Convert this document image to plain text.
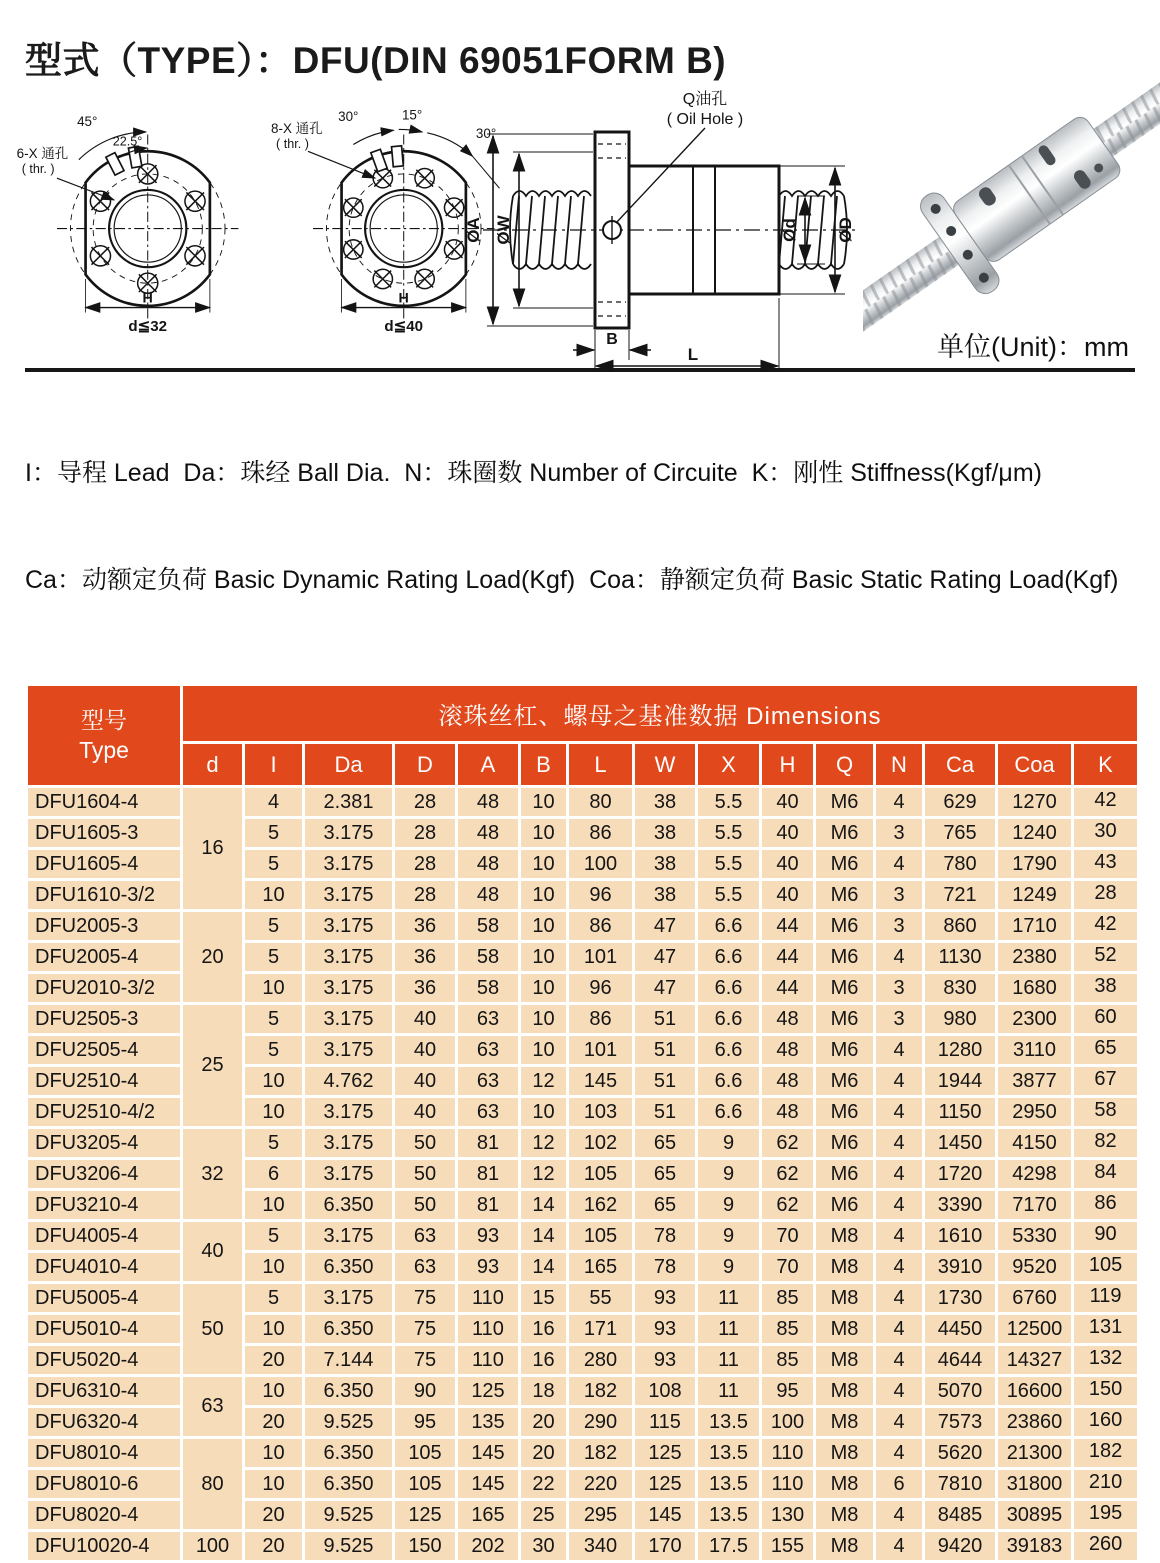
型式（TYPE）：DFU(DIN 69051FORM B)
45°
22.5°
6-X 通孔
( thr. )
H
d≦32
30°	15°
30°
8-X 通孔
( thr. )
H
d≦40
Q油孔
( Oil Hole )
ØA ØW	Ød ØD
B
L	单位(Unit)：mm

I：导程 Lead  Da：珠经 Ball Dia.  N：珠圈数 Number of Circuite  K：刚性 Stiffness(Kgf/μm)

Ca：动额定负荷 Basic Dynamic Rating Load(Kgf)  Coa：静额定负荷 Basic Static Rating Load(Kgf)

型号
Type	滚珠丝杠、螺母之基准数据 Dimensions														
	d	I	Da	D	A	B	L	W	X	H	Q	N	Ca	Coa	K
DFU1604-4	16	4	2.381	28	48	10	80	38	5.5	40	M6	4	629	1270	42
DFU1605-3		5	3.175	28	48	10	86	38	5.5	40	M6	3	765	1240	30
DFU1605-4		5	3.175	28	48	10	100	38	5.5	40	M6	4	780	1790	43
DFU1610-3/2		10	3.175	28	48	10	96	38	5.5	40	M6	3	721	1249	28
DFU2005-3	20	5	3.175	36	58	10	86	47	6.6	44	M6	3	860	1710	42
DFU2005-4		5	3.175	36	58	10	101	47	6.6	44	M6	4	1130	2380	52
DFU2010-3/2		10	3.175	36	58	10	96	47	6.6	44	M6	3	830	1680	38
DFU2505-3	25	5	3.175	40	63	10	86	51	6.6	48	M6	3	980	2300	60
DFU2505-4		5	3.175	40	63	10	101	51	6.6	48	M6	4	1280	3110	65
DFU2510-4		10	4.762	40	63	12	145	51	6.6	48	M6	4	1944	3877	67
DFU2510-4/2		10	3.175	40	63	10	103	51	6.6	48	M6	4	1150	2950	58
DFU3205-4	32	5	3.175	50	81	12	102	65	9	62	M6	4	1450	4150	82
DFU3206-4		6	3.175	50	81	12	105	65	9	62	M6	4	1720	4298	84
DFU3210-4		10	6.350	50	81	14	162	65	9	62	M6	4	3390	7170	86
DFU4005-4	40	5	3.175	63	93	14	105	78	9	70	M8	4	1610	5330	90
DFU4010-4		10	6.350	63	93	14	165	78	9	70	M8	4	3910	9520	105
DFU5005-4	50	5	3.175	75	110	15	55	93	11	85	M8	4	1730	6760	119
DFU5010-4		10	6.350	75	110	16	171	93	11	85	M8	4	4450	12500	131
DFU5020-4		20	7.144	75	110	16	280	93	11	85	M8	4	4644	14327	132
DFU6310-4	63	10	6.350	90	125	18	182	108	11	95	M8	4	5070	16600	150
DFU6320-4		20	9.525	95	135	20	290	115	13.5	100	M8	4	7573	23860	160
DFU8010-4	80	10	6.350	105	145	20	182	125	13.5	110	M8	4	5620	21300	182
DFU8010-6		10	6.350	105	145	22	220	125	13.5	110	M8	6	7810	31800	210
DFU8020-4		20	9.525	125	165	25	295	145	13.5	130	M8	4	8485	30895	195
DFU10020-4	100	20	9.525	150	202	30	340	170	17.5	155	M8	4	9420	39183	260
